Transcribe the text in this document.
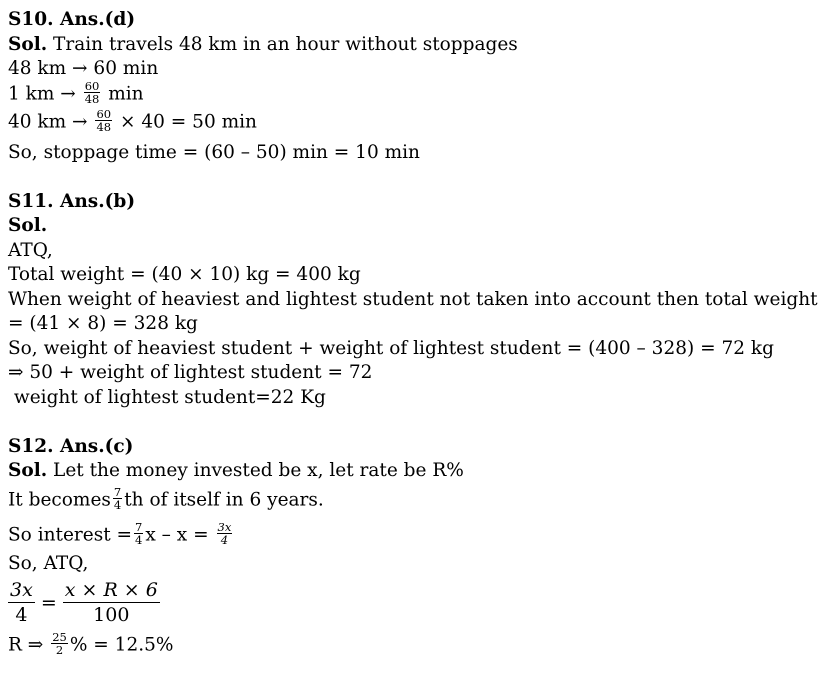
S10. Ans.(d)
Sol. Train travels 48 km in an hour without stoppages
48 km → 60 min
1 km → $\frac{60}{48}$ min
40 km → $\frac{60}{48} \times 40 = 50$ min
So, stoppage time = (60 – 50) min = 10 min
S11. Ans.(b)
Sol.
ATQ,
Total weight = (40 × 10) kg = 400 kg
When weight of heaviest and lightest student not taken into account then total weight
= (41 × 8) = 328 kg
So, weight of heaviest student + weight of lightest student = (400 – 328) = 72 kg
⇒ 50 + weight of lightest student = 72
weight of lightest student=22 Kg
S12. Ans.(c)
Sol. Let the money invested be x, let rate be R%
It becomes $\frac{7}{4}$ th of itself in 6 years.
So interest = $\frac{7}{4}$ $x - x = \frac{3x}{4}$
So, ATQ,
$\frac{3x}{4} = \frac{x \times R \times 6}{100}$
R ⇒ $\frac{25}{2}$ % = 12.5%
